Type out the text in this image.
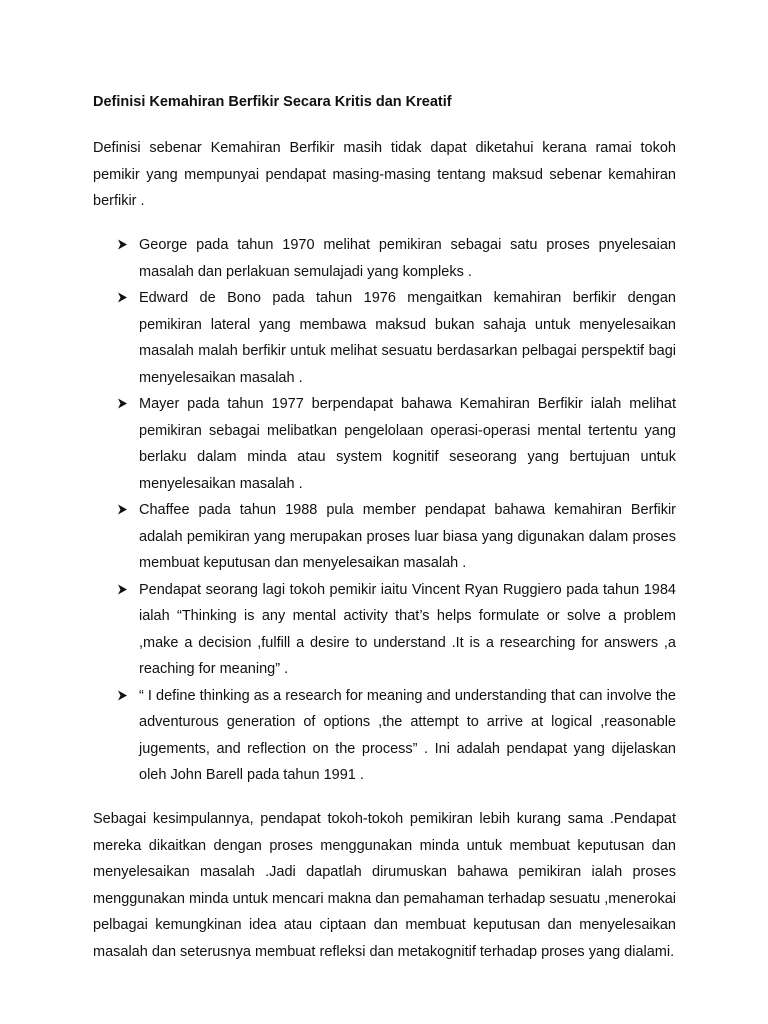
Definisi Kemahiran Berfikir Secara Kritis dan Kreatif

Definisi sebenar Kemahiran Berfikir masih tidak dapat diketahui kerana ramai tokoh pemikir yang mempunyai pendapat masing-masing tentang maksud sebenar kemahiran berfikir .

George pada tahun 1970 melihat pemikiran sebagai satu proses pnyelesaian masalah dan perlakuan semulajadi yang kompleks .
Edward de Bono pada tahun 1976 mengaitkan kemahiran berfikir dengan pemikiran lateral yang membawa maksud bukan sahaja untuk menyelesaikan masalah malah berfikir untuk melihat sesuatu berdasarkan pelbagai perspektif bagi menyelesaikan masalah .
Mayer pada tahun 1977 berpendapat bahawa Kemahiran Berfikir ialah melihat pemikiran sebagai melibatkan pengelolaan operasi-operasi mental tertentu yang berlaku dalam minda atau system kognitif seseorang yang bertujuan untuk menyelesaikan masalah .
Chaffee pada tahun 1988 pula member pendapat bahawa kemahiran Berfikir adalah pemikiran yang merupakan proses luar biasa yang digunakan dalam proses membuat keputusan dan menyelesaikan masalah .
Pendapat seorang lagi tokoh pemikir iaitu Vincent Ryan Ruggiero pada tahun 1984 ialah “Thinking is any mental activity that’s helps formulate or solve a problem ,make a decision ,fulfill a desire to understand .It is a researching for answers ,a reaching for meaning” .
“ I define thinking as a research for meaning and understanding that can involve the adventurous generation of options ,the attempt to arrive at logical ,reasonable jugements, and reflection on the process” . Ini adalah pendapat yang dijelaskan oleh John Barell pada tahun 1991 .

Sebagai kesimpulannya, pendapat tokoh-tokoh pemikiran lebih kurang sama .Pendapat mereka dikaitkan dengan proses menggunakan minda untuk membuat keputusan dan menyelesaikan masalah .Jadi dapatlah dirumuskan bahawa pemikiran ialah proses menggunakan minda untuk mencari makna dan pemahaman terhadap sesuatu ,menerokai pelbagai kemungkinan idea atau ciptaan dan membuat keputusan dan menyelesaikan masalah dan seterusnya membuat refleksi dan metakognitif terhadap proses yang dialami.
